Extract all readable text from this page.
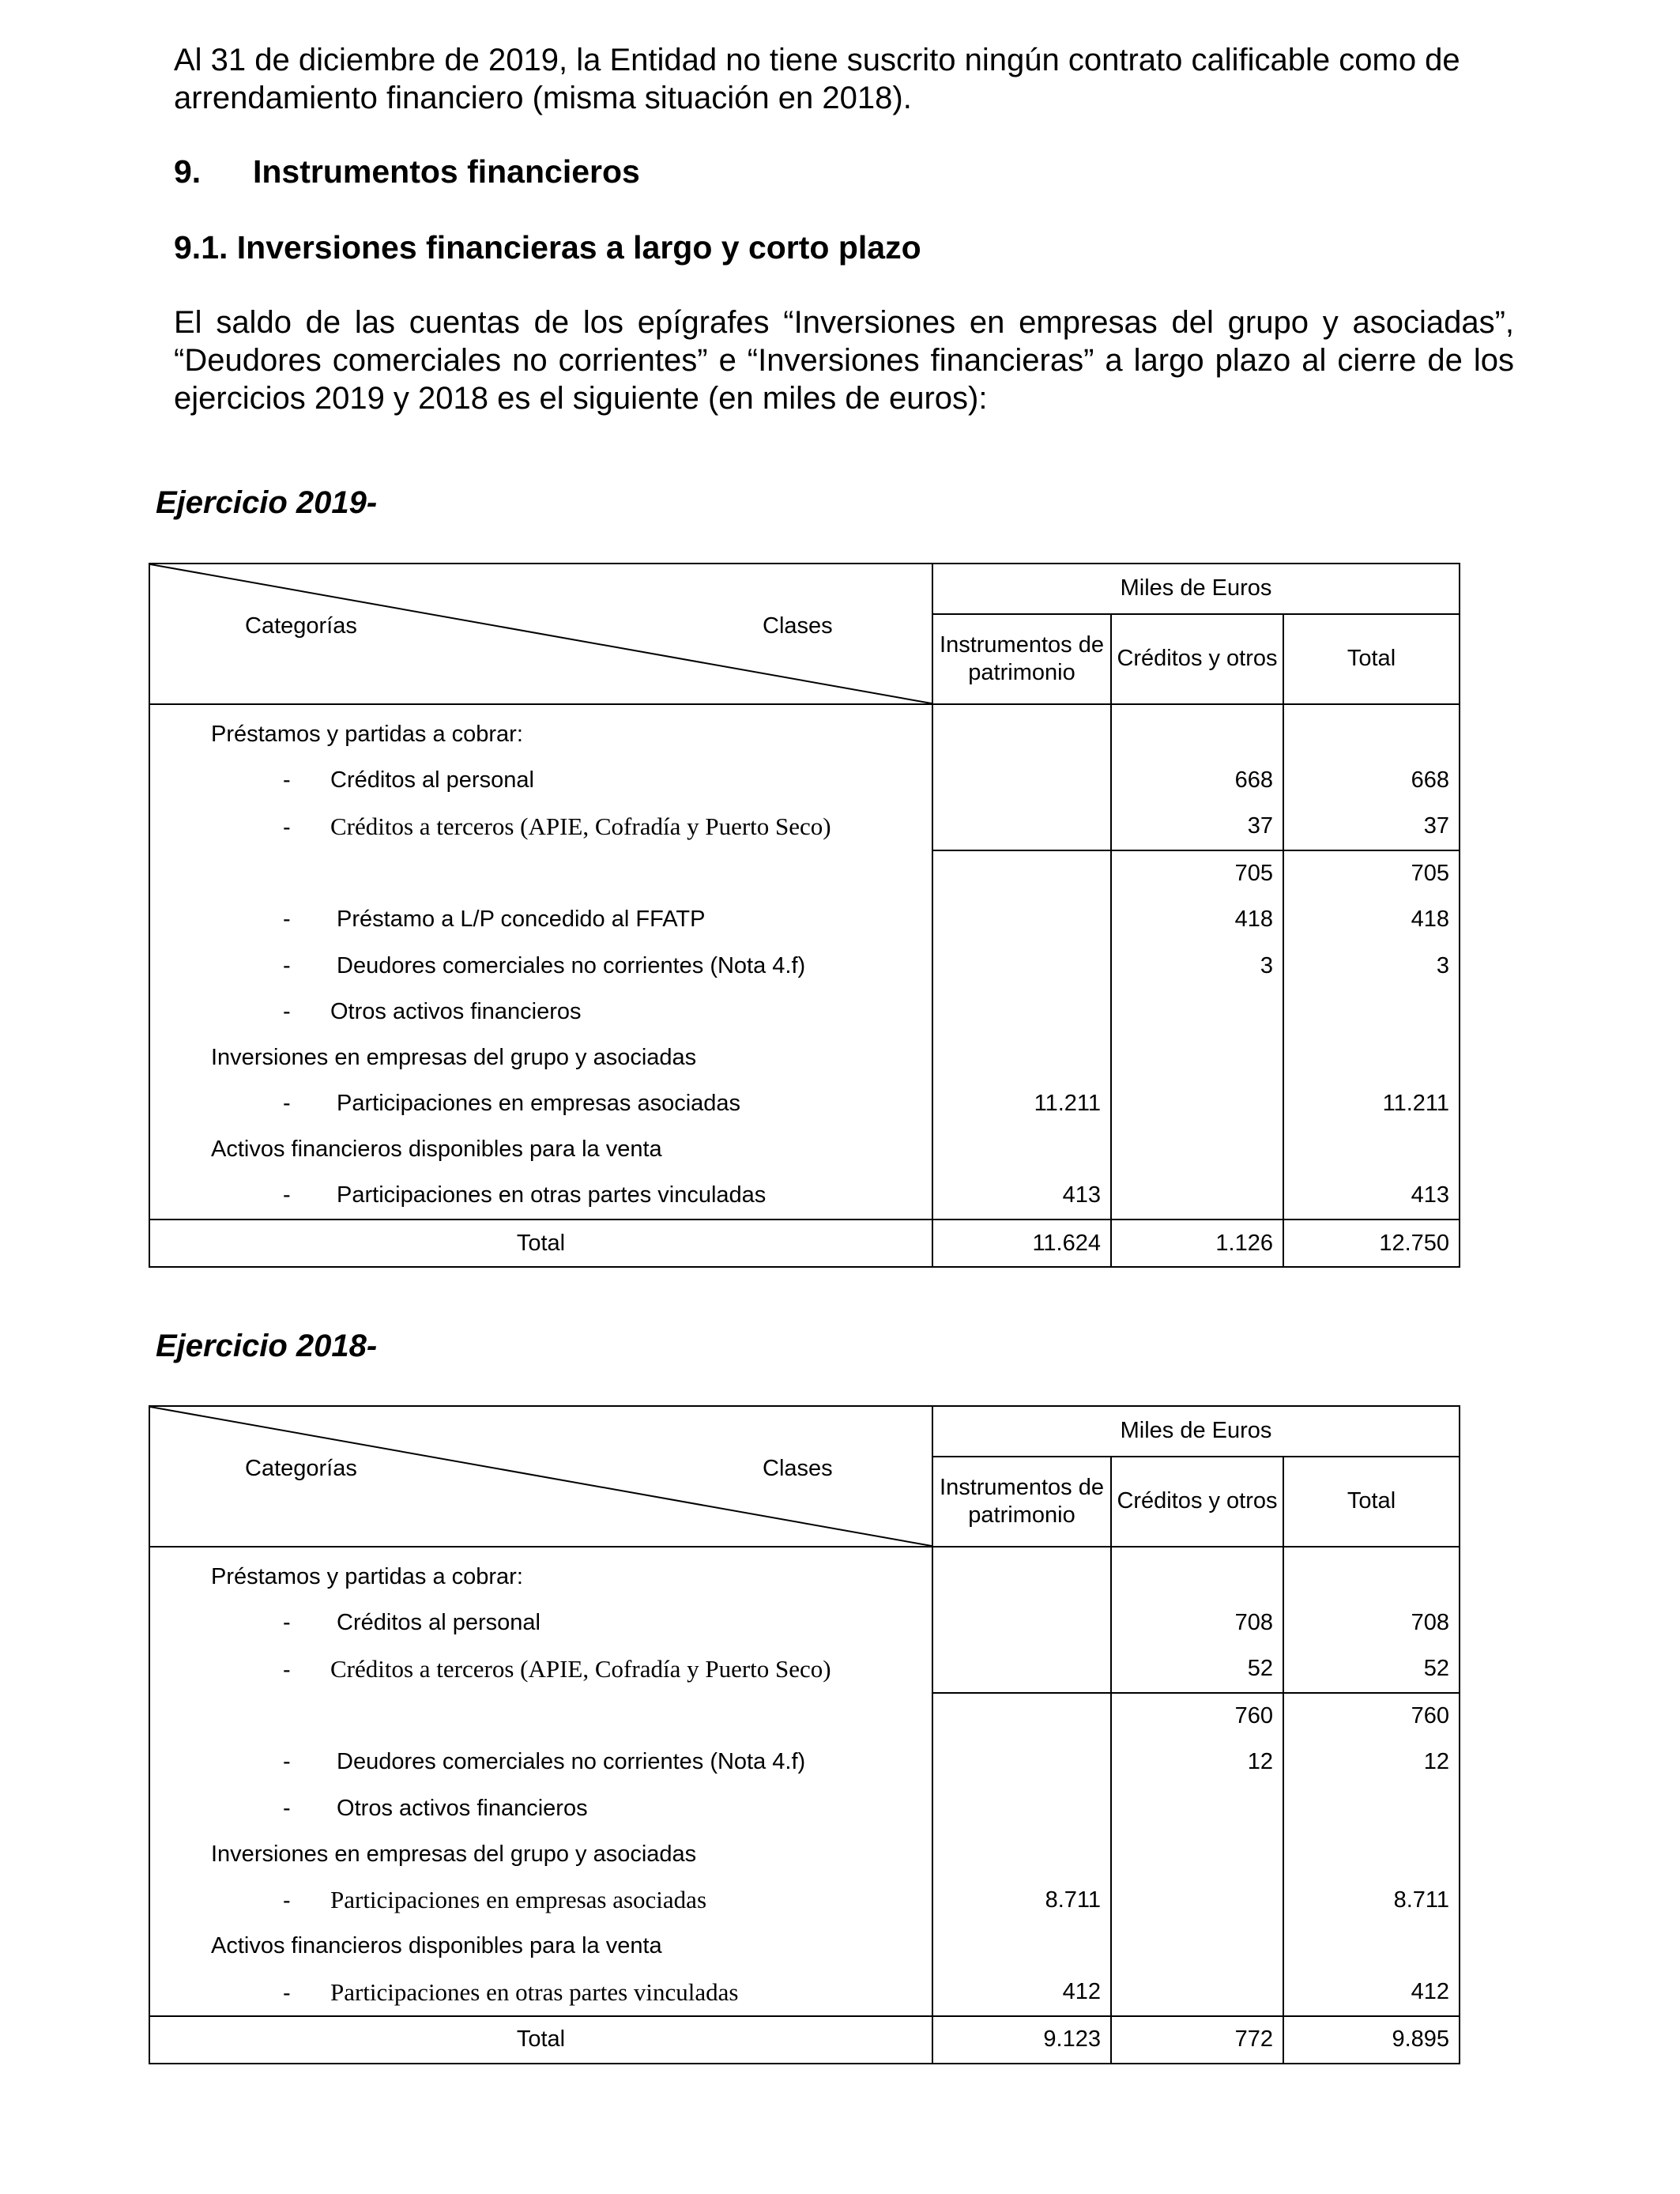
Al 31 de diciembre de 2019, la Entidad no tiene suscrito ningún contrato calificable como de arrendamiento financiero (misma situación en 2018).

9. Instrumentos financieros

9.1. Inversiones financieras a largo y corto plazo

El saldo de las cuentas de los epígrafes “Inversiones en empresas del grupo y asociadas”, “Deudores comerciales no corrientes” e “Inversiones financieras” a largo plazo al cierre de los ejercicios 2019 y 2018 es el siguiente (en miles de euros):

Ejercicio 2019-

Categorías Clases	Miles de Euros		
	Instrumentos de patrimonio	Créditos y otros	Total
Préstamos y partidas a cobrar:			
- Créditos al personal		668	668
- Créditos a terceros (APIE, Cofradía y Puerto Seco)		37	37
		705	705
- Préstamo a L/P concedido al FFATP		418	418
- Deudores comerciales no corrientes (Nota 4.f)		3	3
- Otros activos financieros			
Inversiones en empresas del grupo y asociadas			
- Participaciones en empresas asociadas	11.211		11.211
Activos financieros disponibles para la venta			
- Participaciones en otras partes vinculadas	413		413
Total	11.624	1.126	12.750

Ejercicio 2018-

Categorías Clases	Miles de Euros		
	Instrumentos de patrimonio	Créditos y otros	Total
Préstamos y partidas a cobrar:			
- Créditos al personal		708	708
- Créditos a terceros (APIE, Cofradía y Puerto Seco)		52	52
		760	760
- Deudores comerciales no corrientes (Nota 4.f)		12	12
- Otros activos financieros			
Inversiones en empresas del grupo y asociadas			
- Participaciones en empresas asociadas	8.711		8.711
Activos financieros disponibles para la venta			
- Participaciones en otras partes vinculadas	412		412
Total	9.123	772	9.895
